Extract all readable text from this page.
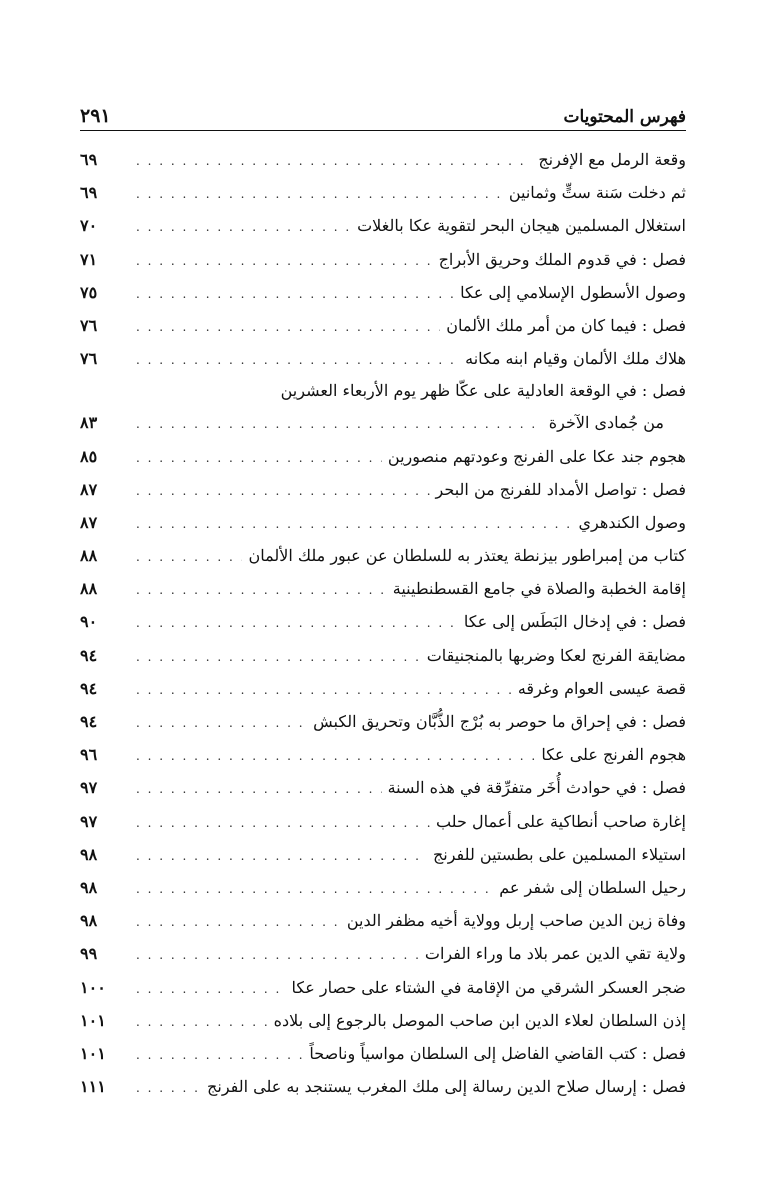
فهرس المحتويات
٢٩١
وقعة الرمل مع الإفرنج
. . .
٦٩
ثم دخلت سَنة ستٍّ وثمانين
. . .
٦٩
استغلال المسلمين هيجان البحر لتقوية عكا بالغلات
. . .
٧٠
فصل : في قدوم الملك وحريق الأبراج
. . .
٧١
وصول الأسطول الإسلامي إلى عكا
. . .
٧٥
فصل : فيما كان من أمر ملك الألمان
. . .
٧٦
هلاك ملك الألمان وقيام ابنه مكانه
. . .
٧٦
فصل : في الوقعة العادلية على عكّا ظهر يوم الأربعاء العشرين
من جُمادى الآخرة
. . .
٨٣
هجوم جند عكا على الفرنج وعودتهم منصورين
. . .
٨٥
فصل : تواصل الأمداد للفرنج من البحر
. . .
٨٧
وصول الكندهري
. . .
٨٧
كتاب من إمبراطور بيزنطة يعتذر به للسلطان عن عبور ملك الألمان
. . .
٨٨
إقامة الخطبة والصلاة في جامع القسطنطينية
. . .
٨٨
فصل : في إدخال البَطَس إلى عكا
. . .
٩٠
مضايقة الفرنج لعكا وضربها بالمنجنيقات
. . .
٩٤
قصة عيسى العوام وغرقه
. . .
٩٤
فصل : في إحراق ما حوصر به بُرْج الذُّبَّان وتحريق الكبش
. . .
٩٤
هجوم الفرنج على عكا
. . .
٩٦
فصل : في حوادث أُخَر متفرِّقة في هذه السنة
. . .
٩٧
إغارة صاحب أنطاكية على أعمال حلب
. . .
٩٧
استيلاء المسلمين على بطستين للفرنج
. . .
٩٨
رحيل السلطان إلى شفر عم
. . .
٩٨
وفاة زين الدين صاحب إربل وولاية أخيه مظفر الدين
. . .
٩٨
ولاية تقي الدين عمر بلاد ما وراء الفرات
. . .
٩٩
ضجر العسكر الشرقي من الإقامة في الشتاء على حصار عكا
. . .
١٠٠
إذن السلطان لعلاء الدين ابن صاحب الموصل بالرجوع إلى بلاده
. . .
١٠١
فصل : كتب القاضي الفاضل إلى السلطان مواسياً وناصحاً
. . .
١٠١
فصل : إرسال صلاح الدين رسالة إلى ملك المغرب يستنجد به على الفرنج
. . .
١١١
